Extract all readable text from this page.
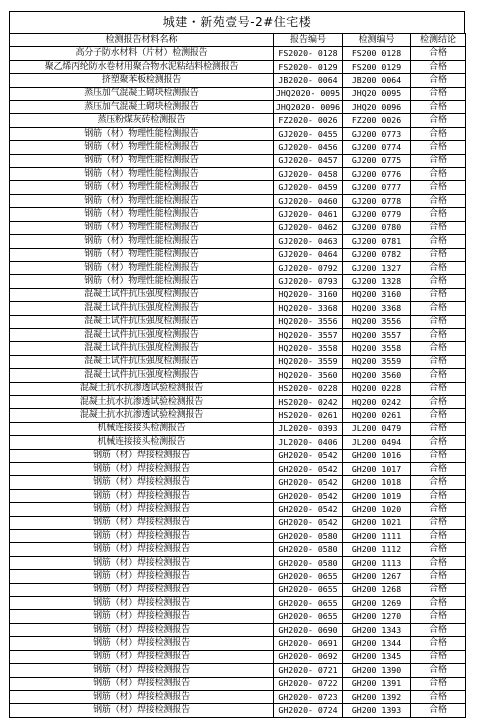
城建・新苑壹号-2#住宅楼
检测报告材料名称	报告编号	检测编号	检测结论
高分子防水材料（片材）检测报告	FS2020- 0128	FS200 0128	合格
聚乙烯丙纶防水卷材用聚合物水泥粘结料检测报告	FS2020- 0129	FS200 0129	合格
挤塑聚苯板检测报告	JB2020- 0064	JB200 0064	合格
蒸压加气混凝土砌块检测报告	JHQ2020- 0095	JHQ20 0095	合格
蒸压加气混凝土砌块检测报告	JHQ2020- 0096	JHQ20 0096	合格
蒸压粉煤灰砖检测报告	FZ2020- 0026	FZ200 0026	合格
钢筋（材）物理性能检测报告	GJ2020- 0455	GJ200 0773	合格
钢筋（材）物理性能检测报告	GJ2020- 0456	GJ200 0774	合格
钢筋（材）物理性能检测报告	GJ2020- 0457	GJ200 0775	合格
钢筋（材）物理性能检测报告	GJ2020- 0458	GJ200 0776	合格
钢筋（材）物理性能检测报告	GJ2020- 0459	GJ200 0777	合格
钢筋（材）物理性能检测报告	GJ2020- 0460	GJ200 0778	合格
钢筋（材）物理性能检测报告	GJ2020- 0461	GJ200 0779	合格
钢筋（材）物理性能检测报告	GJ2020- 0462	GJ200 0780	合格
钢筋（材）物理性能检测报告	GJ2020- 0463	GJ200 0781	合格
钢筋（材）物理性能检测报告	GJ2020- 0464	GJ200 0782	合格
钢筋（材）物理性能检测报告	GJ2020- 0792	GJ200 1327	合格
钢筋（材）物理性能检测报告	GJ2020- 0793	GJ200 1328	合格
混凝土试件抗压强度检测报告	HQ2020- 3160	HQ200 3160	合格
混凝土试件抗压强度检测报告	HQ2020- 3368	HQ200 3368	合格
混凝土试件抗压强度检测报告	HQ2020- 3556	HQ200 3556	合格
混凝土试件抗压强度检测报告	HQ2020- 3557	HQ200 3557	合格
混凝土试件抗压强度检测报告	HQ2020- 3558	HQ200 3558	合格
混凝土试件抗压强度检测报告	HQ2020- 3559	HQ200 3559	合格
混凝土试件抗压强度检测报告	HQ2020- 3560	HQ200 3560	合格
混凝土抗水抗渗透试验检测报告	HS2020- 0228	HQ200 0228	合格
混凝土抗水抗渗透试验检测报告	HS2020- 0242	HQ200 0242	合格
混凝土抗水抗渗透试验检测报告	HS2020- 0261	HQ200 0261	合格
机械连接接头检测报告	JL2020- 0393	JL200 0479	合格
机械连接接头检测报告	JL2020- 0406	JL200 0494	合格
钢筋（材）焊接检测报告	GH2020- 0542	GH200 1016	合格
钢筋（材）焊接检测报告	GH2020- 0542	GH200 1017	合格
钢筋（材）焊接检测报告	GH2020- 0542	GH200 1018	合格
钢筋（材）焊接检测报告	GH2020- 0542	GH200 1019	合格
钢筋（材）焊接检测报告	GH2020- 0542	GH200 1020	合格
钢筋（材）焊接检测报告	GH2020- 0542	GH200 1021	合格
钢筋（材）焊接检测报告	GH2020- 0580	GH200 1111	合格
钢筋（材）焊接检测报告	GH2020- 0580	GH200 1112	合格
钢筋（材）焊接检测报告	GH2020- 0580	GH200 1113	合格
钢筋（材）焊接检测报告	GH2020- 0655	GH200 1267	合格
钢筋（材）焊接检测报告	GH2020- 0655	GH200 1268	合格
钢筋（材）焊接检测报告	GH2020- 0655	GH200 1269	合格
钢筋（材）焊接检测报告	GH2020- 0655	GH200 1270	合格
钢筋（材）焊接检测报告	GH2020- 0690	GH200 1343	合格
钢筋（材）焊接检测报告	GH2020- 0691	GH200 1344	合格
钢筋（材）焊接检测报告	GH2020- 0692	GH200 1345	合格
钢筋（材）焊接检测报告	GH2020- 0721	GH200 1390	合格
钢筋（材）焊接检测报告	GH2020- 0722	GH200 1391	合格
钢筋（材）焊接检测报告	GH2020- 0723	GH200 1392	合格
钢筋（材）焊接检测报告	GH2020- 0724	GH200 1393	合格
